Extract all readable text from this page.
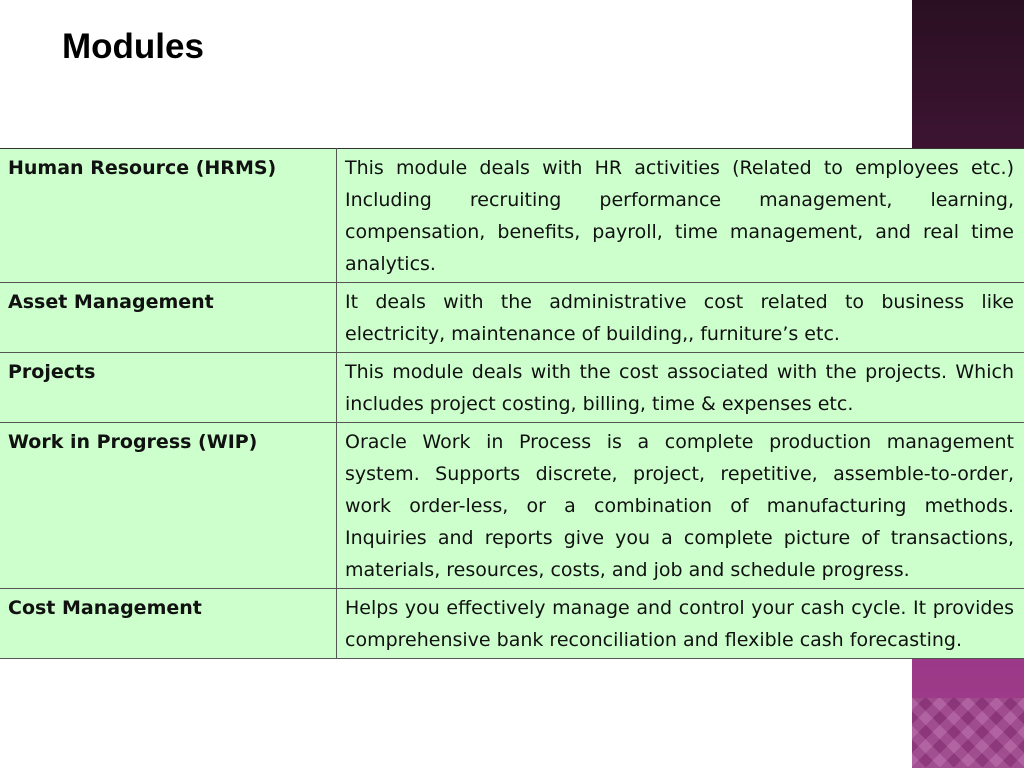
Modules
Human Resource (HRMS)	This module deals with HR activities (Related to employees etc.) Including recruiting performance management, learning, compensation, benefits, payroll, time management, and real time analytics.
Asset Management	It deals with the administrative cost related to business like electricity, maintenance of building,, furniture’s etc.
Projects	This module deals with the cost associated with the projects. Which includes project costing, billing, time & expenses etc.
Work in Progress (WIP)	Oracle Work in Process is a complete production management system. Supports discrete, project, repetitive, assemble-to-order, work order-less, or a combination of manufacturing methods. Inquiries and reports give you a complete picture of transactions, materials, resources, costs, and job and schedule progress.
Cost Management	Helps you effectively manage and control your cash cycle. It provides comprehensive bank reconciliation and flexible cash forecasting.
